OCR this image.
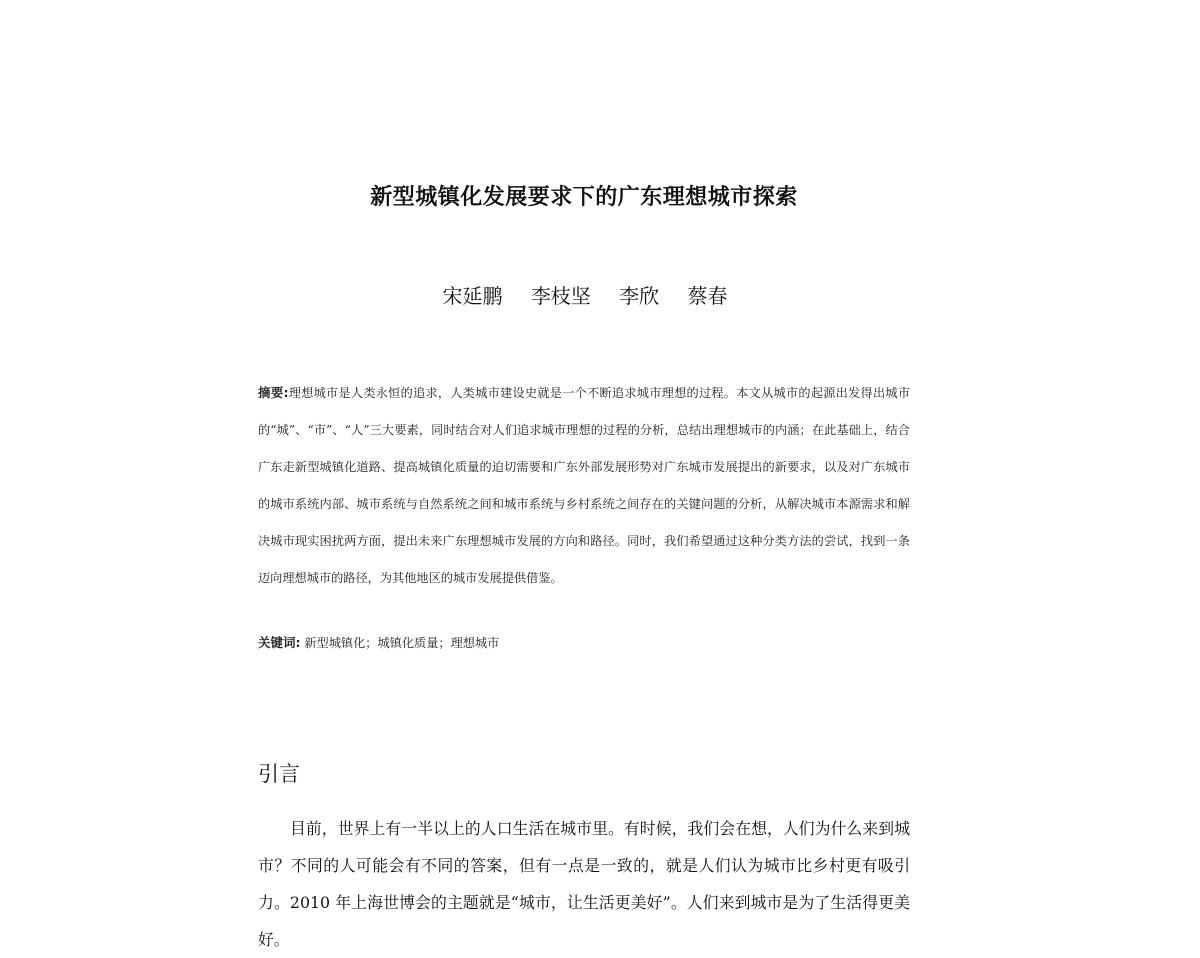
新型城镇化发展要求下的广东理想城市探索
宋延鹏 李枝坚 李欣 蔡春
摘要:理想城市是人类永恒的追求，人类城市建设史就是一个不断追求城市理想的过程。本文从城市的起源出发得出城市的“城”、“市”、“人”三大要素，同时结合对人们追求城市理想的过程的分析，总结出理想城市的内涵；在此基础上，结合广东走新型城镇化道路、提高城镇化质量的迫切需要和广东外部发展形势对广东城市发展提出的新要求，以及对广东城市的城市系统内部、城市系统与自然系统之间和城市系统与乡村系统之间存在的关键问题的分析，从解决城市本源需求和解决城市现实困扰两方面，提出未来广东理想城市发展的方向和路径。同时，我们希望通过这种分类方法的尝试，找到一条迈向理想城市的路径，为其他地区的城市发展提供借鉴。
关键词: 新型城镇化；城镇化质量；理想城市
引言
目前，世界上有一半以上的人口生活在城市里。有时候，我们会在想，人们为什么来到城市？不同的人可能会有不同的答案，但有一点是一致的，就是人们认为城市比乡村更有吸引力。2010 年上海世博会的主题就是“城市，让生活更美好”。人们来到城市是为了生活得更美好。
